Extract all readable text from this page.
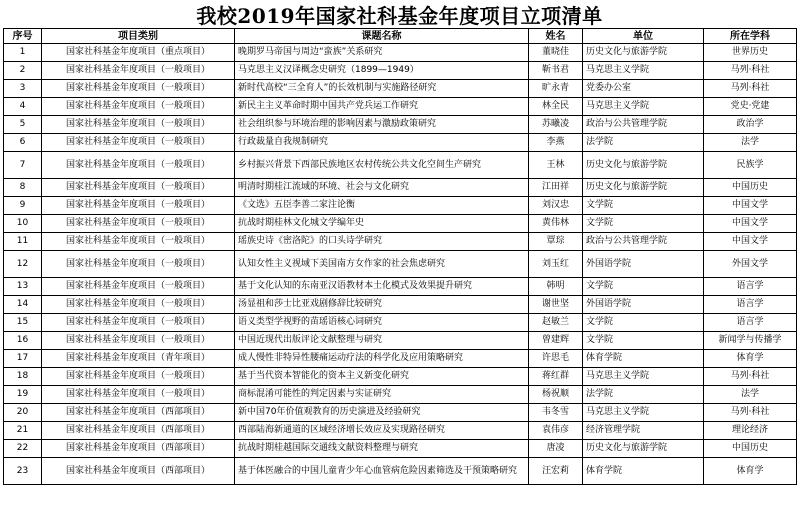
我校2019年国家社科基金年度项目立项清单
序号	项目类别	课题名称	姓名	单位	所在学科
1	国家社科基金年度项目（重点项目）	晚期罗马帝国与周边“蛮族”关系研究	董晓佳	历史文化与旅游学院	世界历史
2	国家社科基金年度项目（一般项目）	马克思主义汉译概念史研究（1899—1949）	靳书君	马克思主义学院	马列·科社
3	国家社科基金年度项目（一般项目）	新时代高校“三全育人”的长效机制与实施路径研究	旷永青	党委办公室	马列·科社
4	国家社科基金年度项目（一般项目）	新民主主义革命时期中国共产党兵运工作研究	林全民	马克思主义学院	党史·党建
5	国家社科基金年度项目（一般项目）	社会组织参与环境治理的影响因素与激励政策研究	苏曦凌	政治与公共管理学院	政治学
6	国家社科基金年度项目（一般项目）	行政裁量自我规制研究	李燕	法学院	法学
7	国家社科基金年度项目（一般项目）	乡村振兴背景下西部民族地区农村传统公共文化空间生产研究	王林	历史文化与旅游学院	民族学
8	国家社科基金年度项目（一般项目）	明清时期桂江流域的环境、社会与文化研究	江田祥	历史文化与旅游学院	中国历史
9	国家社科基金年度项目（一般项目）	《文选》五臣李善二家注论衡	刘汉忠	文学院	中国文学
10	国家社科基金年度项目（一般项目）	抗战时期桂林文化城文学编年史	黄伟林	文学院	中国文学
11	国家社科基金年度项目（一般项目）	瑶族史诗《密洛陀》的口头诗学研究	覃琮	政治与公共管理学院	中国文学
12	国家社科基金年度项目（一般项目）	认知女性主义视域下美国南方女作家的社会焦虑研究	刘玉红	外国语学院	外国文学
13	国家社科基金年度项目（一般项目）	基于文化认知的东南亚汉语教材本土化模式及效果提升研究	韩明	文学院	语言学
14	国家社科基金年度项目（一般项目）	汤显祖和莎士比亚戏剧修辞比较研究	谢世坚	外国语学院	语言学
15	国家社科基金年度项目（一般项目）	语义类型学视野的苗瑶语核心词研究	赵敏兰	文学院	语言学
16	国家社科基金年度项目（一般项目）	中国近现代出版评论文献整理与研究	曾建辉	文学院	新闻学与传播学
17	国家社科基金年度项目（青年项目）	成人慢性非特异性腰痛运动疗法的科学化及应用策略研究	许思毛	体育学院	体育学
18	国家社科基金年度项目（一般项目）	基于当代资本智能化的资本主义新变化研究	蒋红群	马克思主义学院	马列·科社
19	国家社科基金年度项目（一般项目）	商标混淆可能性的判定因素与实证研究	杨祝顺	法学院	法学
20	国家社科基金年度项目（西部项目）	新中国70年价值观教育的历史演进及经验研究	韦冬雪	马克思主义学院	马列·科社
21	国家社科基金年度项目（西部项目）	西部陆海新通道的区域经济增长效应及实现路径研究	袁伟彦	经济管理学院	理论经济
22	国家社科基金年度项目（西部项目）	抗战时期桂越国际交通线文献资料整理与研究	唐凌	历史文化与旅游学院	中国历史
23	国家社科基金年度项目（西部项目）	基于体医融合的中国儿童青少年心血管病危险因素筛选及干预策略研究	汪宏莉	体育学院	体育学
